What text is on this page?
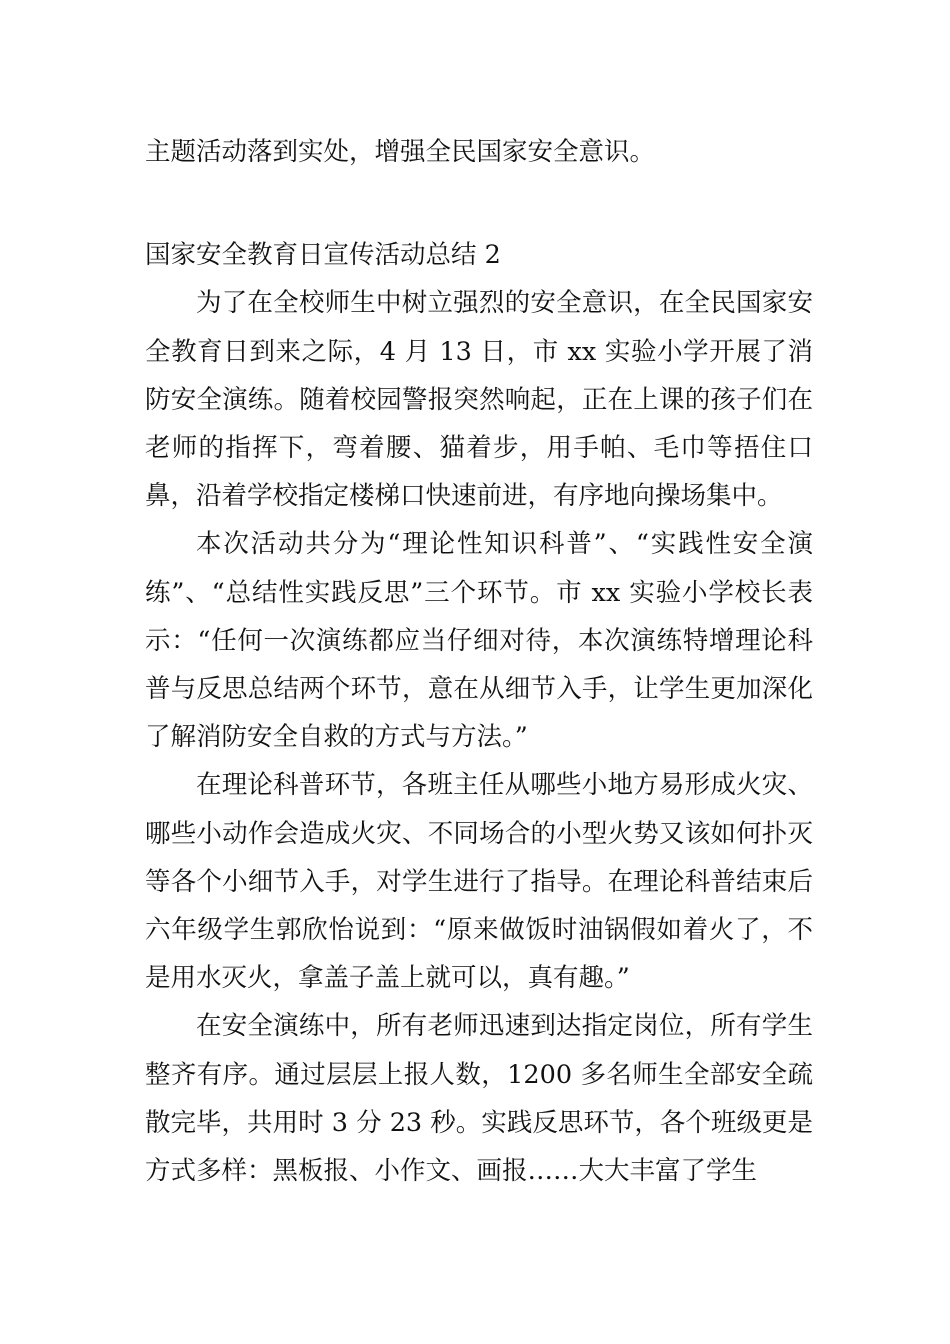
主题活动落到实处，增强全民国家安全意识。

国家安全教育日宣传活动总结 2

为了在全校师生中树立强烈的安全意识，在全民国家安全教育日到来之际，4 月 13 日，市 xx 实验小学开展了消防安全演练。随着校园警报突然响起，正在上课的孩子们在老师的指挥下，弯着腰、猫着步，用手帕、毛巾等捂住口鼻，沿着学校指定楼梯口快速前进，有序地向操场集中。

本次活动共分为“理论性知识科普”、“实践性安全演练”、“总结性实践反思”三个环节。市 xx 实验小学校长表示：“任何一次演练都应当仔细对待，本次演练特增理论科普与反思总结两个环节，意在从细节入手，让学生更加深化了解消防安全自救的方式与方法。”

在理论科普环节，各班主任从哪些小地方易形成火灾、哪些小动作会造成火灾、不同场合的小型火势又该如何扑灭等各个小细节入手，对学生进行了指导。在理论科普结束后六年级学生郭欣怡说到：“原来做饭时油锅假如着火了，不是用水灭火，拿盖子盖上就可以，真有趣。”

在安全演练中，所有老师迅速到达指定岗位，所有学生整齐有序。通过层层上报人数，1200 多名师生全部安全疏散完毕，共用时 3 分 23 秒。实践反思环节，各个班级更是方式多样：黑板报、小作文、画报……大大丰富了学生
